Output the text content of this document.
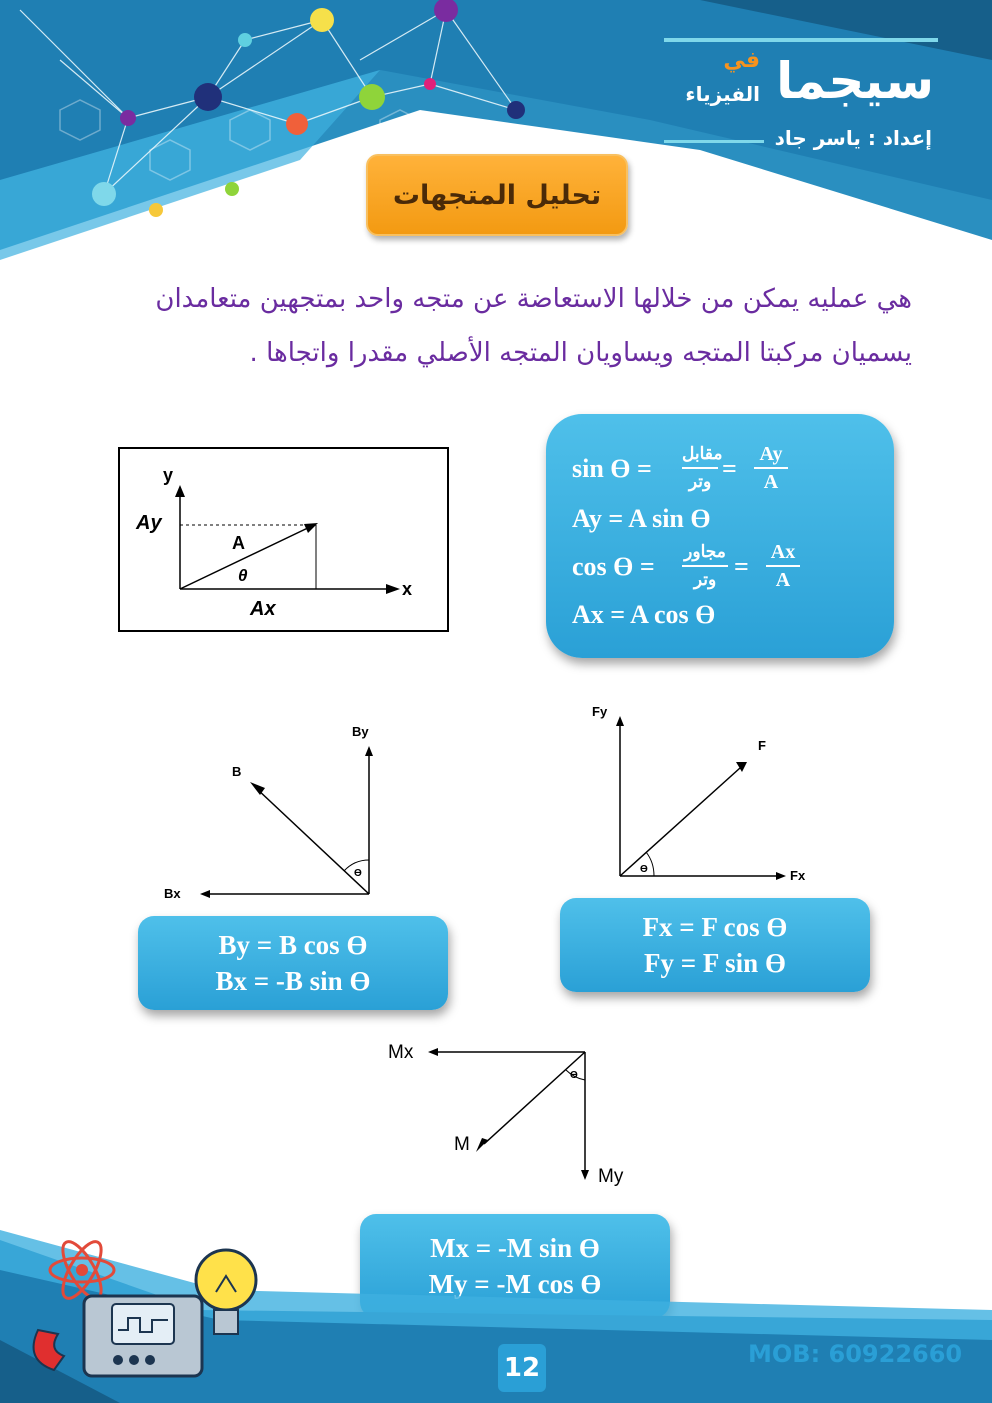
في سيجما
الفيزياء
إعداد : ياسر جاد
تحليل المتجهات
هي عمليه يمكن من خلالها الاستعاضة عن متجه واحد بمتجهين متعامدان يسميان مركبتا المتجه ويساويان المتجه الأصلي مقدرا واتجاها .
y
x
Ay
Ax
A
θ
sin ϴ =
مقابل
وتر = Ay
A
Ay = A sin ϴ
cos ϴ =
مجاور
وتر = Ax
A
Ax = A cos ϴ
B
By
Bx
ϴ
F
Fy
Fx
ϴ
By = B cos ϴ
Bx = -B sin ϴ
Fx = F cos ϴ
Fy = F sin ϴ
Mx
M
My
ϴ
Mx = -M sin ϴ
My = -M cos ϴ
MOB: 60922660
12
